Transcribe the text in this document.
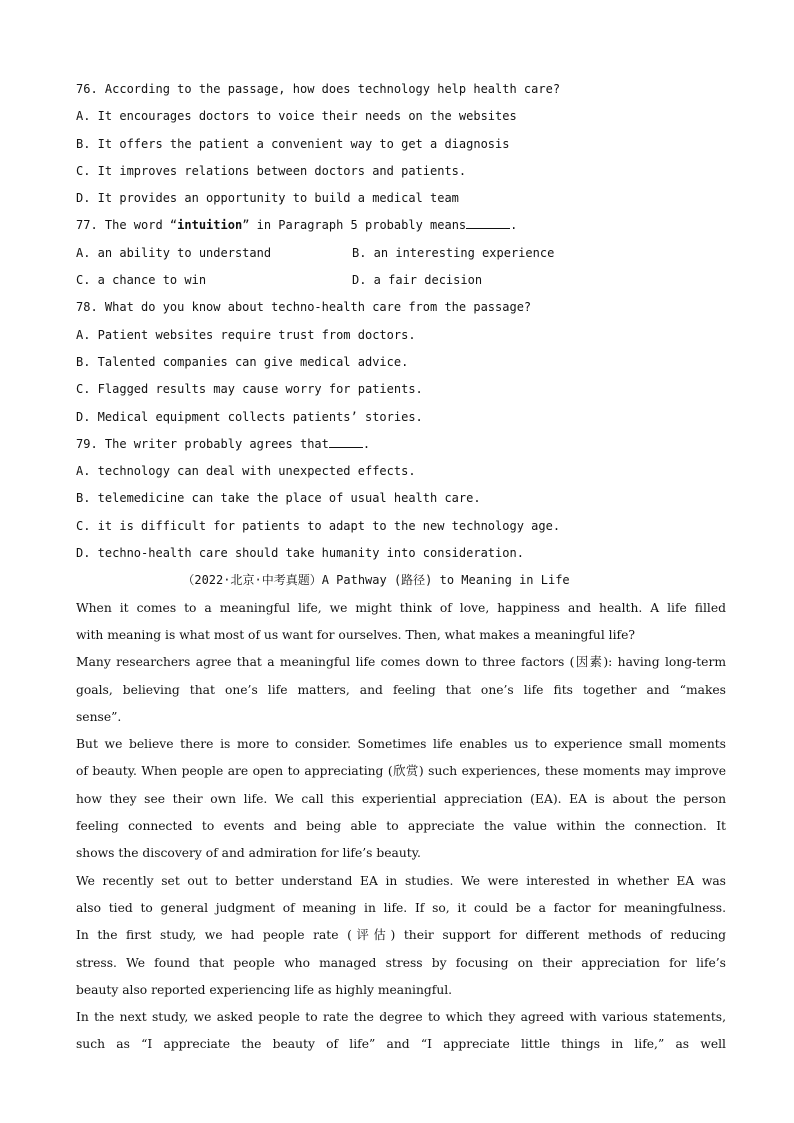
76. According to the passage, how does technology help health care?
A. It encourages doctors to voice their needs on the websites
B. It offers the patient a convenient way to get a diagnosis
C. It improves relations between doctors and patients.
D. It provides an opportunity to build a medical team
77. The word “intuition” in Paragraph 5 probably means	.
A. an ability to understand	B. an interesting experience
C. a chance to win	D. a fair decision
78. What do you know about techno-health care from the passage?
A. Patient websites require trust from doctors.
B. Talented companies can give medical advice.
C. Flagged results may cause worry for patients.
D. Medical equipment collects patients’ stories.
79. The writer probably agrees that	.
A. technology can deal with unexpected effects.
B. telemedicine can take the place of usual health care.
C. it is difficult for patients to adapt to the new technology age.
D. techno-health care should take humanity into consideration.
（2022·北京·中考真题）A Pathway (路径) to Meaning in Life
When it comes to a meaningful life, we might think of love, happiness and health. A life filled
with meaning is what most of us want for ourselves. Then, what makes a meaningful life?
Many researchers agree that a meaningful life comes down to three factors (因素): having long-term
goals, believing that one’s life matters, and feeling that one’s life fits together and “makes
sense”.
But we believe there is more to consider. Sometimes life enables us to experience small moments
of beauty. When people are open to appreciating (欣赏) such experiences, these moments may improve
how they see their own life. We call this experiential appreciation (EA). EA is about the person
feeling connected to events and being able to appreciate the value within the connection. It
shows the discovery of and admiration for life’s beauty.
We recently set out to better understand EA in studies. We were interested in whether EA was
also tied to general judgment of meaning in life. If so, it could be a factor for meaningfulness.
In the first study, we had people rate (评估) their support for different methods of reducing
stress. We found that people who managed stress by focusing on their appreciation for life’s
beauty also reported experiencing life as highly meaningful.
In the next study, we asked people to rate the degree to which they agreed with various statements,
such as “I appreciate the beauty of life” and “I appreciate little things in life,” as well
